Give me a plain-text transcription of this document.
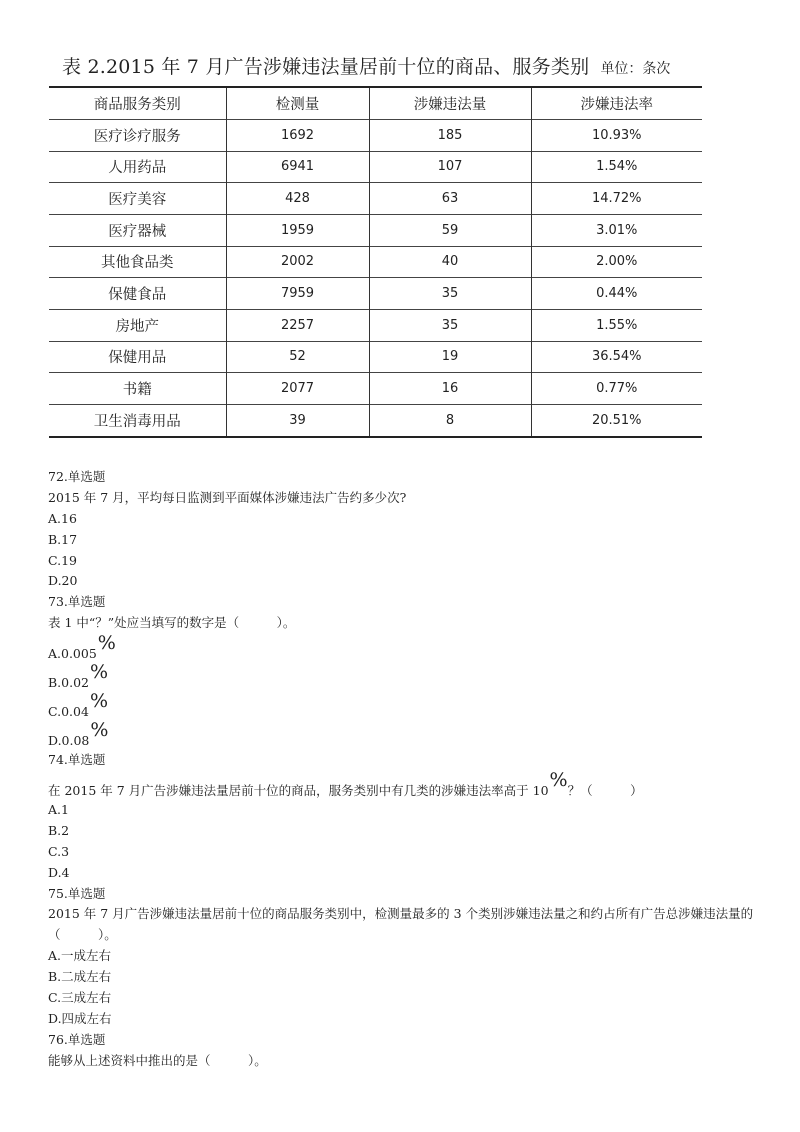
表 2.2015 年 7 月广告涉嫌违法量居前十位的商品、服务类别 单位：条次
商品服务类别	检测量	涉嫌违法量	涉嫌违法率
医疗诊疗服务	1692	185	10.93%
人用药品	6941	107	1.54%
医疗美容	428	63	14.72%
医疗器械	1959	59	3.01%
其他食品类	2002	40	2.00%
保健食品	7959	35	0.44%
房地产	2257	35	1.55%
保健用品	52	19	36.54%
书籍	2077	16	0.77%
卫生消毒用品	39	8	20.51%
72.单选题
2015 年 7 月，平均每日监测到平面媒体涉嫌违法广告约多少次?
A.16
B.17
C.19
D.20
73.单选题
表 1 中“？”处应当填写的数字是（　　　）。
A.0.005%
B.0.02%
C.0.04%
D.0.08%
74.单选题
在 2015 年 7 月广告涉嫌违法量居前十位的商品，服务类别中有几类的涉嫌违法率高于 10%？（　　　）
A.1
B.2
C.3
D.4
75.单选题
2015 年 7 月广告涉嫌违法量居前十位的商品服务类别中，检测量最多的 3 个类别涉嫌违法量之和约占所有广告总涉嫌违法量的（　　　）。
A.一成左右
B.二成左右
C.三成左右
D.四成左右
76.单选题
能够从上述资料中推出的是（　　　）。
